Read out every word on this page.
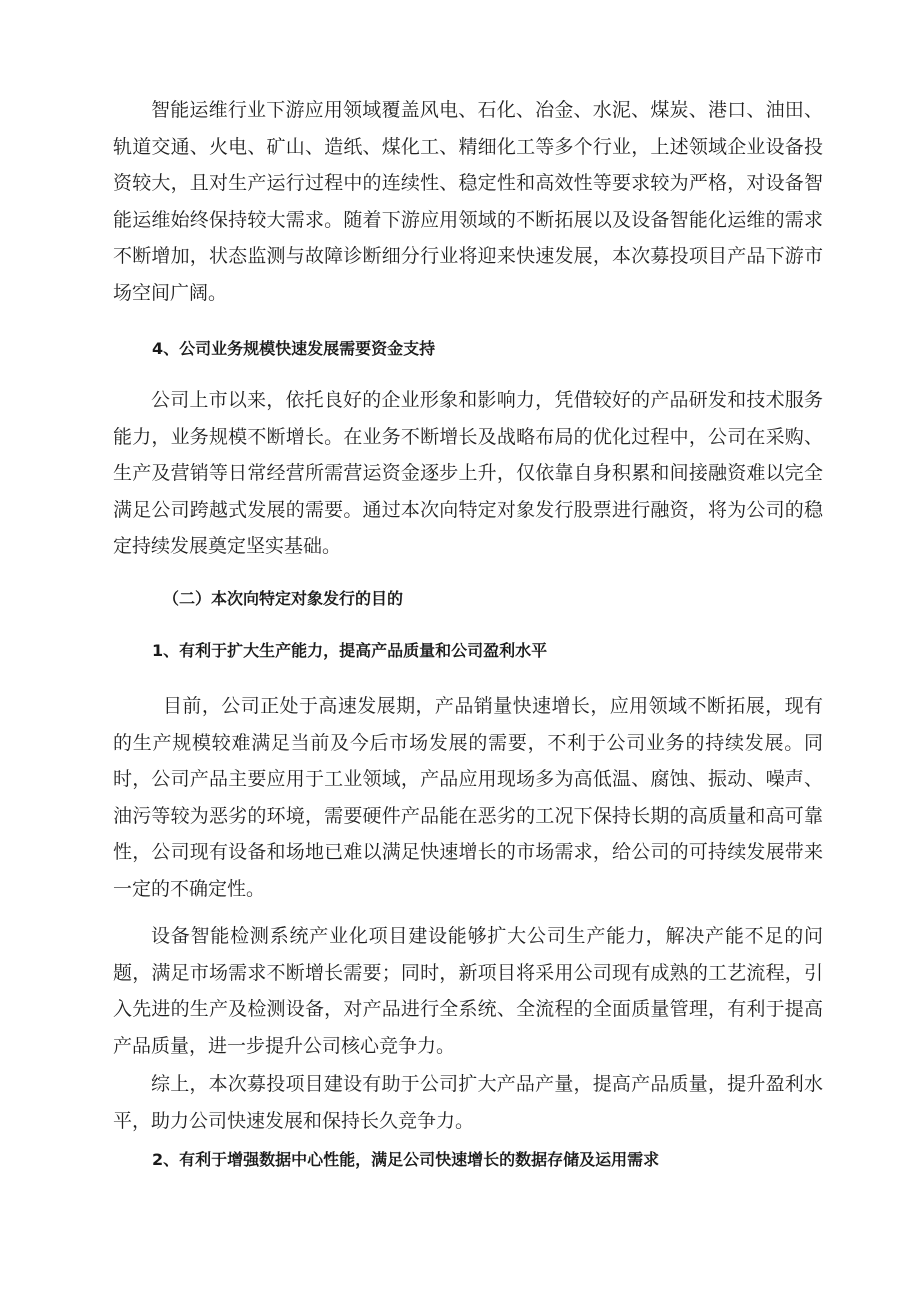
智能运维行业下游应用领域覆盖风电、石化、冶金、水泥、煤炭、港口、油田、轨道交通、火电、矿山、造纸、煤化工、精细化工等多个行业，上述领域企业设备投资较大，且对生产运行过程中的连续性、稳定性和高效性等要求较为严格，对设备智能运维始终保持较大需求。随着下游应用领域的不断拓展以及设备智能化运维的需求不断增加，状态监测与故障诊断细分行业将迎来快速发展，本次募投项目产品下游市场空间广阔。

4、公司业务规模快速发展需要资金支持

公司上市以来，依托良好的企业形象和影响力，凭借较好的产品研发和技术服务能力，业务规模不断增长。在业务不断增长及战略布局的优化过程中，公司在采购、生产及营销等日常经营所需营运资金逐步上升，仅依靠自身积累和间接融资难以完全满足公司跨越式发展的需要。通过本次向特定对象发行股票进行融资，将为公司的稳定持续发展奠定坚实基础。

（二）本次向特定对象发行的目的
1、有利于扩大生产能力，提高产品质量和公司盈利水平

目前，公司正处于高速发展期，产品销量快速增长，应用领域不断拓展，现有的生产规模较难满足当前及今后市场发展的需要，不利于公司业务的持续发展。同时，公司产品主要应用于工业领域，产品应用现场多为高低温、腐蚀、振动、噪声、油污等较为恶劣的环境，需要硬件产品能在恶劣的工况下保持长期的高质量和高可靠性，公司现有设备和场地已难以满足快速增长的市场需求，给公司的可持续发展带来一定的不确定性。

设备智能检测系统产业化项目建设能够扩大公司生产能力，解决产能不足的问题，满足市场需求不断增长需要；同时，新项目将采用公司现有成熟的工艺流程，引入先进的生产及检测设备，对产品进行全系统、全流程的全面质量管理，有利于提高产品质量，进一步提升公司核心竞争力。

综上，本次募投项目建设有助于公司扩大产品产量，提高产品质量，提升盈利水平，助力公司快速发展和保持长久竞争力。

2、有利于增强数据中心性能，满足公司快速增长的数据存储及运用需求
